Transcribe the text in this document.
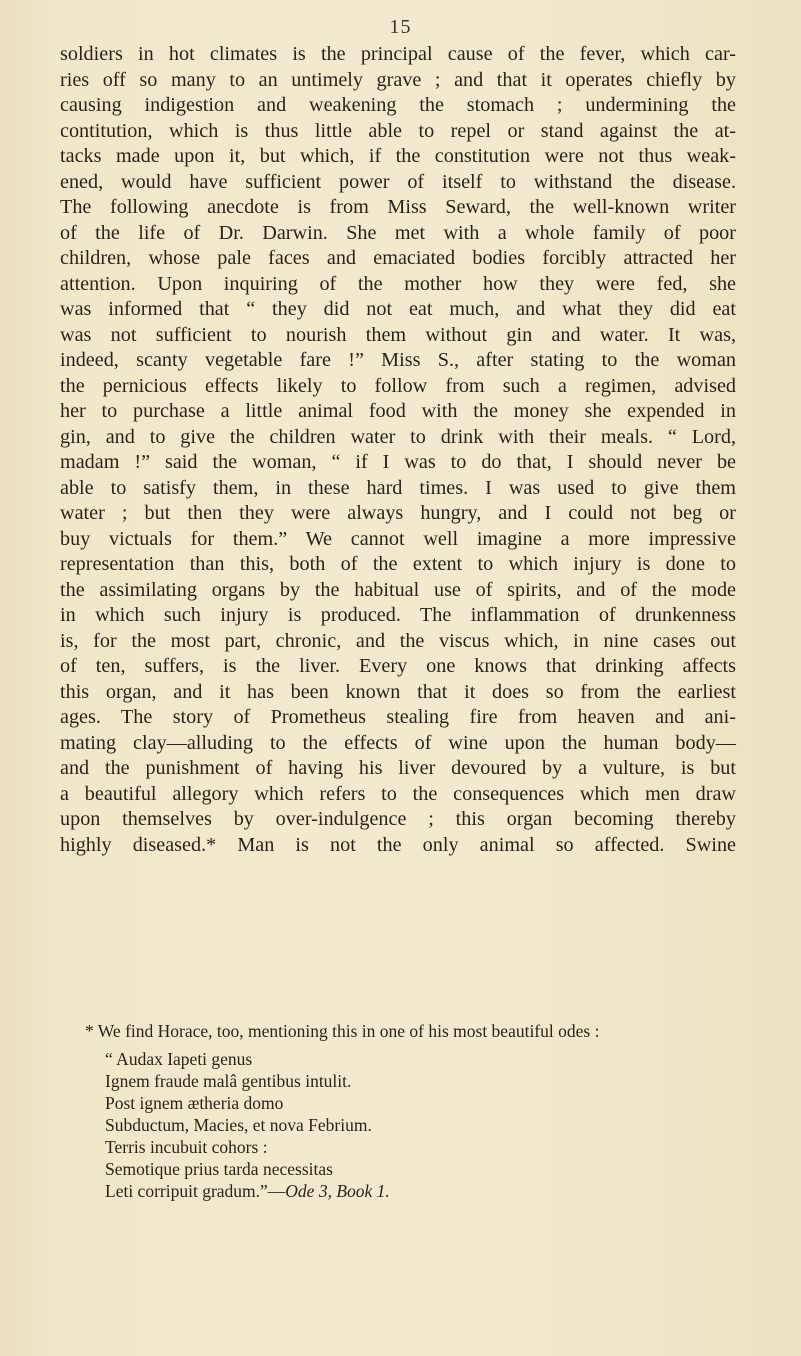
15
soldiers in hot climates is the principal cause of the fever, which car-
ries off so many to an untimely grave ; and that it operates chiefly by
causing indigestion and weakening the stomach ; undermining the
contitution, which is thus little able to repel or stand against the at-
tacks made upon it, but which, if the constitution were not thus weak-
ened, would have sufficient power of itself to withstand the disease.
The following anecdote is from Miss Seward, the well-known writer
of the life of Dr. Darwin. She met with a whole family of poor
children, whose pale faces and emaciated bodies forcibly attracted her
attention. Upon inquiring of the mother how they were fed, she
was informed that “ they did not eat much, and what they did eat
was not sufficient to nourish them without gin and water. It was,
indeed, scanty vegetable fare !” Miss S., after stating to the woman
the pernicious effects likely to follow from such a regimen, advised
her to purchase a little animal food with the money she expended in
gin, and to give the children water to drink with their meals. “ Lord,
madam !” said the woman, “ if I was to do that, I should never be
able to satisfy them, in these hard times. I was used to give them
water ; but then they were always hungry, and I could not beg or
buy victuals for them.” We cannot well imagine a more impressive
representation than this, both of the extent to which injury is done to
the assimilating organs by the habitual use of spirits, and of the mode
in which such injury is produced. The inflammation of drunkenness
is, for the most part, chronic, and the viscus which, in nine cases out
of ten, suffers, is the liver. Every one knows that drinking affects
this organ, and it has been known that it does so from the earliest
ages. The story of Prometheus stealing fire from heaven and ani-
mating clay—alluding to the effects of wine upon the human body—
and the punishment of having his liver devoured by a vulture, is but
a beautiful allegory which refers to the consequences which men draw
upon themselves by over-indulgence ; this organ becoming thereby
highly diseased.* Man is not the only animal so affected. Swine
* We find Horace, too, mentioning this in one of his most beautiful odes :
“ Audax Iapeti genus
Ignem fraude malâ gentibus intulit.
Post ignem ætheria domo
Subductum, Macies, et nova Febrium.
Terris incubuit cohors :
Semotique prius tarda necessitas
Leti corripuit gradum.”—Ode 3, Book 1.
